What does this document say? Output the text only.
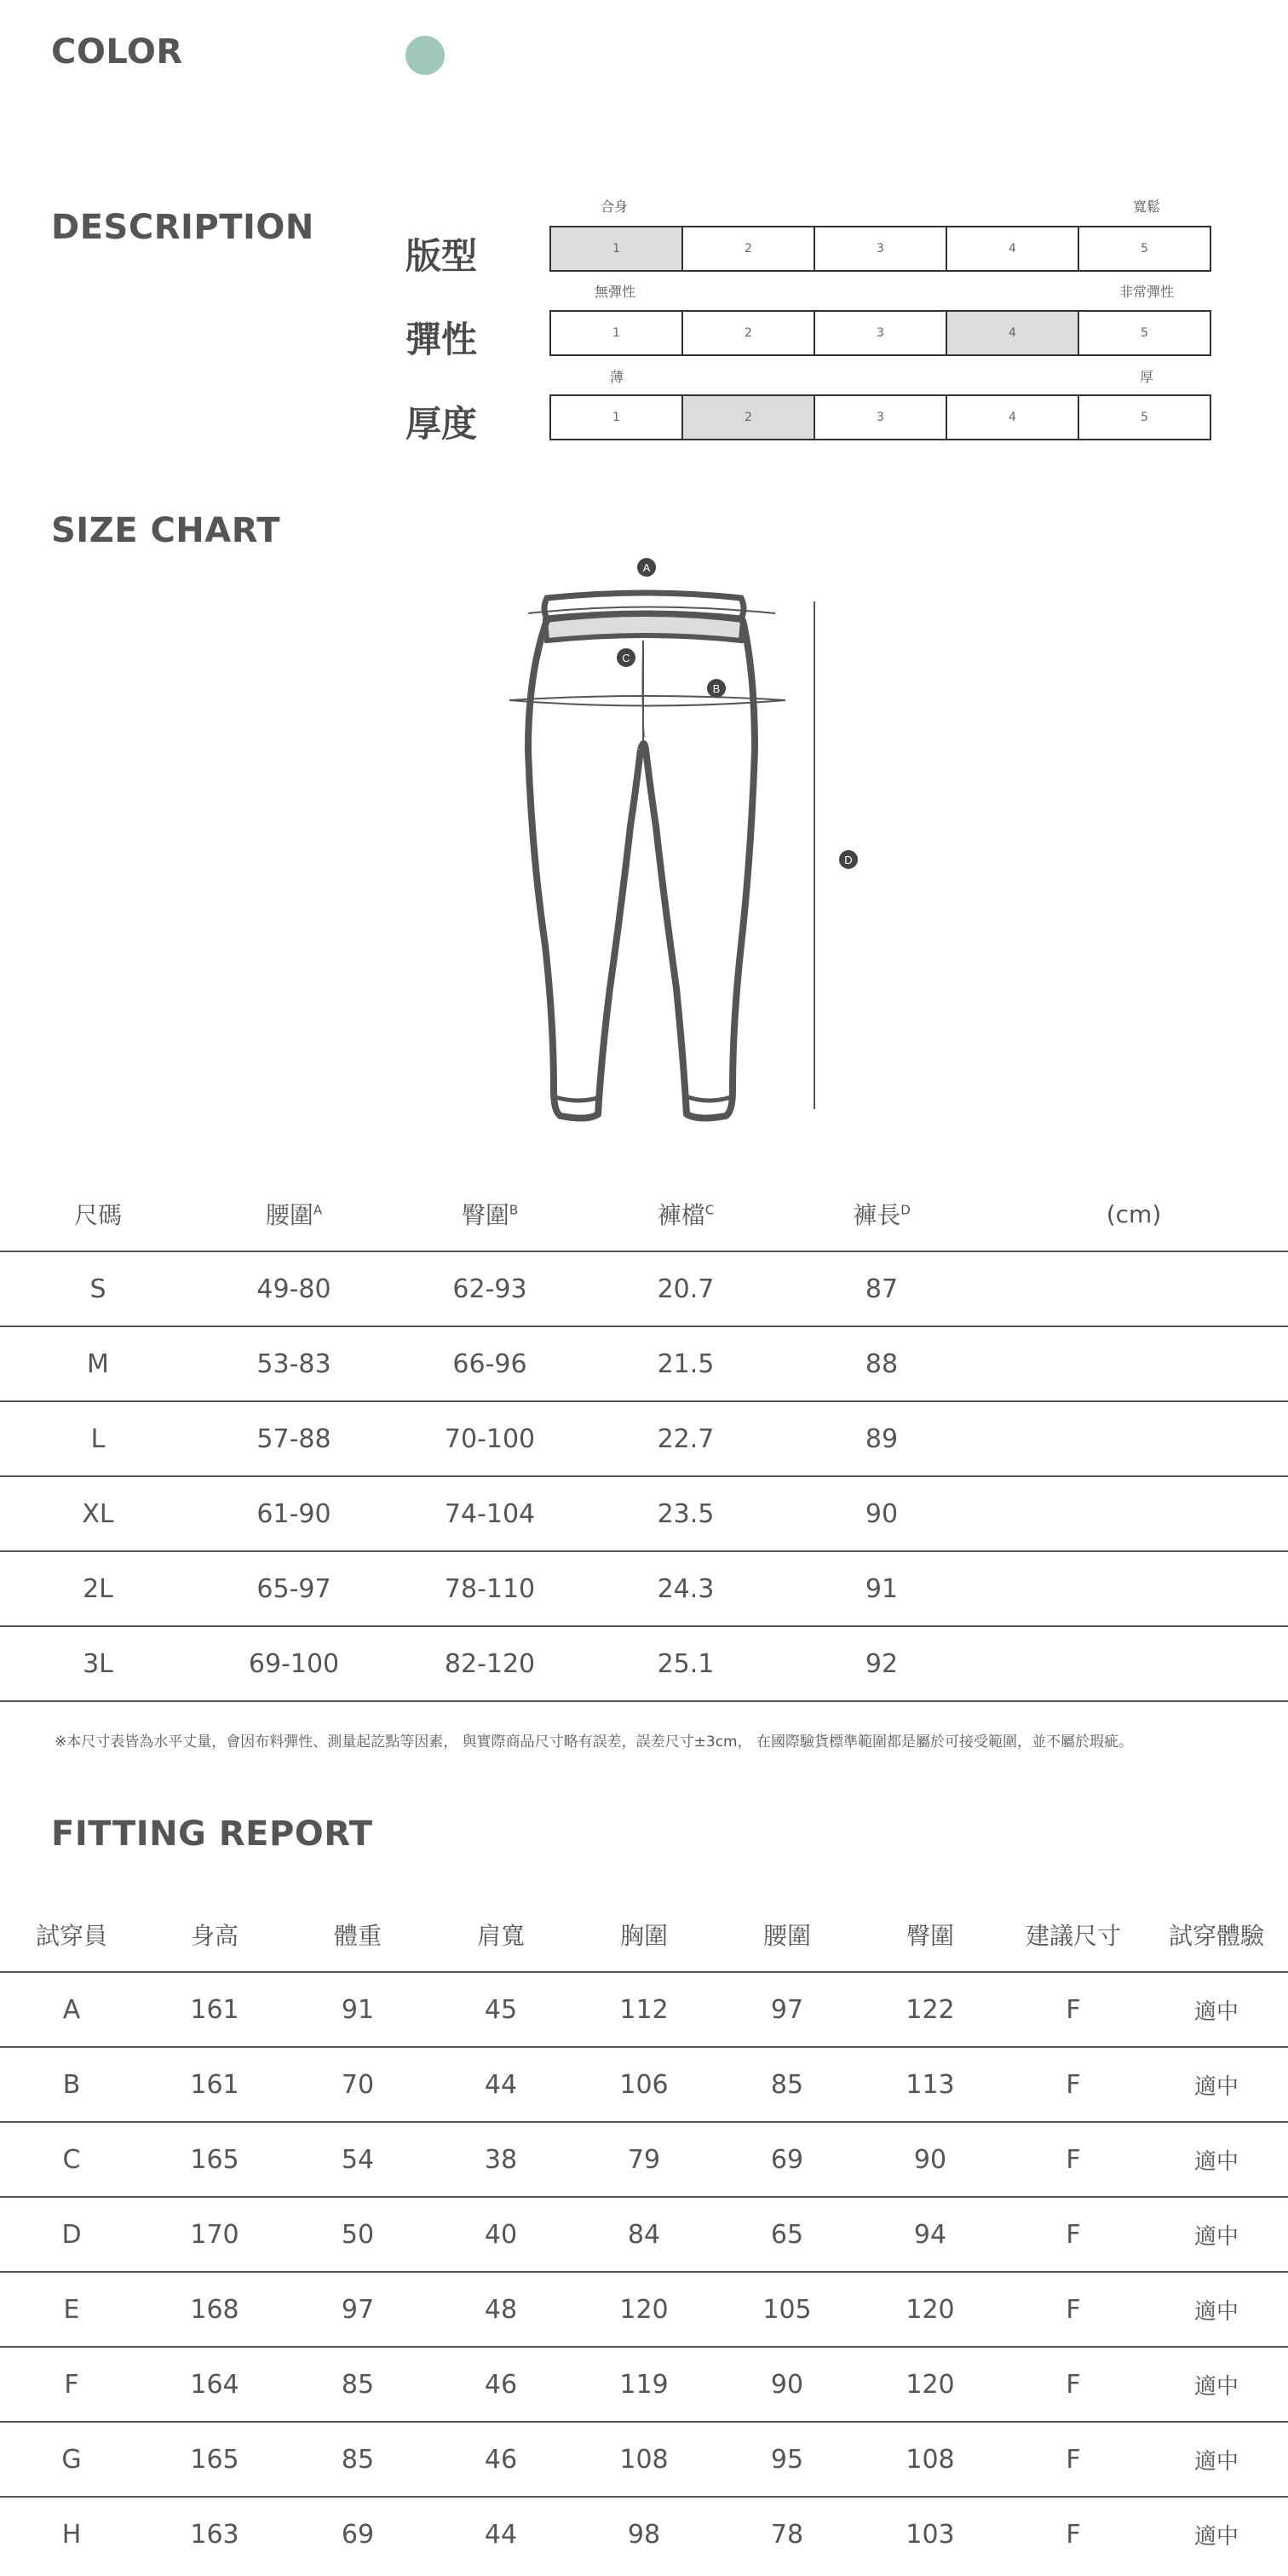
COLOR
DESCRIPTION
合身	寬鬆
版型	1	2	3	4	5
無彈性	非常彈性
彈性	1	2	3	4	5
薄	厚
厚度	1	2	3	4	5
SIZE CHART
A
C
B
D
尺碼	腰圍$^A$	臀圍$^B$	褲檔$^C$	褲長$^D$	(cm)
S	49-80	62-93	20.7	87
M	53-83	66-96	21.5	88
L	57-88	70-100	22.7	89
XL	61-90	74-104	23.5	90
2L	65-97	78-110	24.3	91
3L	69-100	82-120	25.1	92
※本尺寸表皆為水平丈量，會因布料彈性、測量起訖點等因素， 與實際商品尺寸略有誤差，誤差尺寸±3cm， 在國際驗貨標準範圍都是屬於可接受範圍，並不屬於瑕疵。
FITTING REPORT
試穿員	身高	體重	肩寬	胸圍	腰圍	臀圍	建議尺寸	試穿體驗
A	161	91	45	112	97	122	F	適中
B	161	70	44	106	85	113	F	適中
C	165	54	38	79	69	90	F	適中
D	170	50	40	84	65	94	F	適中
E	168	97	48	120	105	120	F	適中
F	164	85	46	119	90	120	F	適中
G	165	85	46	108	95	108	F	適中
H	163	69	44	98	78	103	F	適中
